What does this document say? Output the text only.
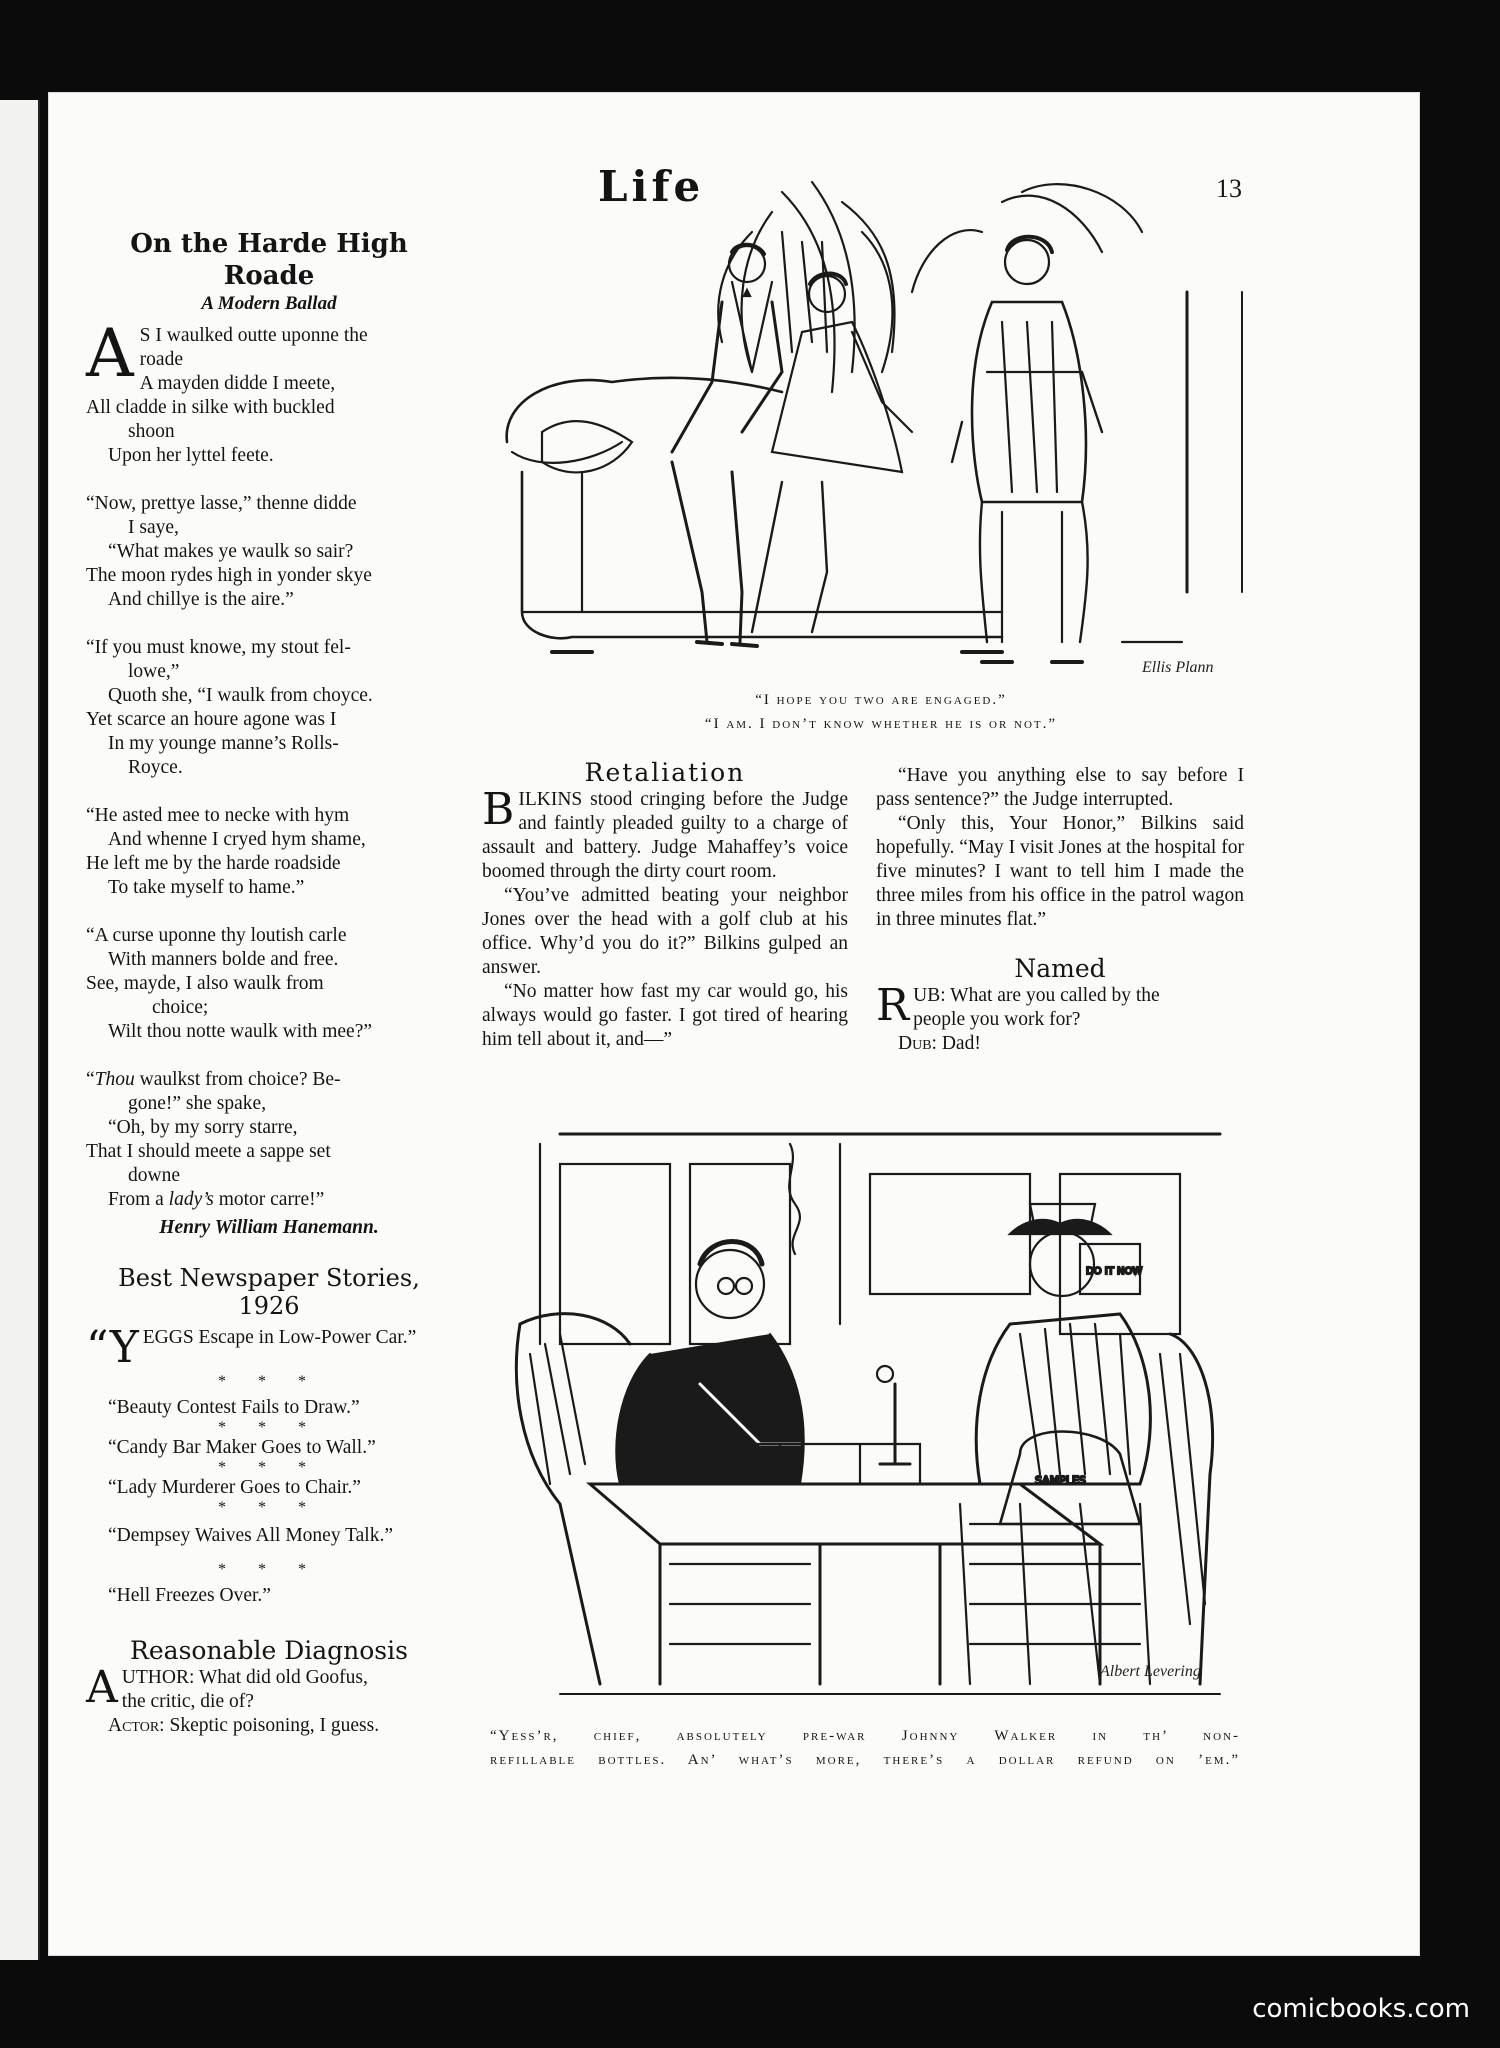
Life	13
On the Harde High Roade
A Modern Ballad
A S I waulked outte uponne the

roade

A mayden didde I meete,

All cladde in silke with buckled

shoon

Upon her lyttel feete.

“Now, prettye lasse,” thenne didde

I saye,

“What makes ye waulk so sair?

The moon rydes high in yonder skye

And chillye is the aire.”

“If you must knowe, my stout fel-

lowe,”

Quoth she, “I waulk from choyce.

Yet scarce an houre agone was I

In my younge manne’s Rolls-

Royce.

“He asted mee to necke with hym

And whenne I cryed hym shame,

He left me by the harde roadside

To take myself to hame.”

“A curse uponne thy loutish carle

With manners bolde and free.

See, mayde, I also waulk from

choice;

Wilt thou notte waulk with mee?”

“Thou waulkst from choice? Be-

gone!” she spake,

“Oh, by my sorry starre,

That I should meete a sappe set

downe

From a lady’s motor carre!”

Henry William Hanemann.
Best Newspaper Stories,
1926

“YEGGS Escape in Low-Power Car.”

* * *

“Beauty Contest Fails to Draw.”

* * *

“Candy Bar Maker Goes to Wall.”

* * *

“Lady Murderer Goes to Chair.”

* * *

“Dempsey Waives All Money Talk.”

* * *

“Hell Freezes Over.”

Reasonable Diagnosis
A UTHOR: What did old Goofus,

the critic, die of?

Actor: Skeptic poisoning, I guess.

Ellis Plann
“I hope you two are engaged.”
“I am. I don’t know whether he is or not.”
Retaliation

BILKINS stood cringing before the Judge and faintly pleaded guilty to a charge of assault and battery. Judge Mahaffey’s voice boomed through the dirty court room.

“You’ve admitted beating your neighbor Jones over the head with a golf club at his office. Why’d you do it?” Bilkins gulped an answer.

“No matter how fast my car would go, his always would go faster. I got tired of hearing him tell about it, and—”

“Have you anything else to say before I pass sentence?” the Judge interrupted.

“Only this, Your Honor,” Bilkins said hopefully. “May I visit Jones at the hospital for five minutes? I want to tell him I made the three miles from his office in the patrol wagon in three minutes flat.”

Named
R UB: What are you called by the

people you work for?

Dub: Dad!

DO IT NOW
SAMPLES
Albert Levering
“Yess’r, chief, absolutely pre-war Johnny Walker in th’ non-
refillable bottles. An’ what’s more, there’s a dollar refund on ’em.”
comicbooks.com
